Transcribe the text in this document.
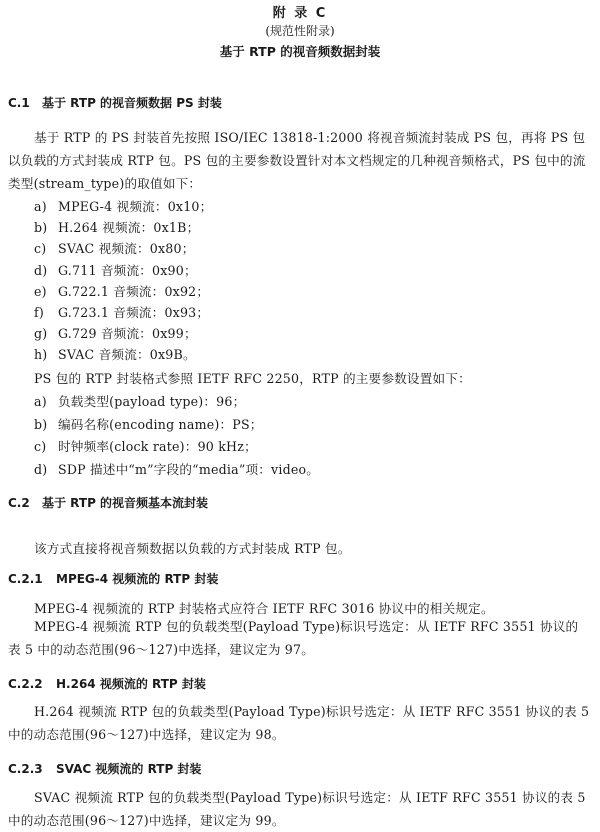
附 录 C
(规范性附录)
基于 RTP 的视音频数据封装
C.1 基于 RTP 的视音频数据 PS 封装
基于 RTP 的 PS 封装首先按照 ISO/IEC 13818-1:2000 将视音频流封装成 PS 包，再将 PS 包以负载的方式封装成 RTP 包。PS 包的主要参数设置针对本文档规定的几种视音频格式，PS 包中的流类型(stream_type)的取值如下：
a) MPEG-4 视频流：0x10；
b) H.264 视频流：0x1B；
c) SVAC 视频流：0x80；
d) G.711 音频流：0x90；
e) G.722.1 音频流：0x92；
f) G.723.1 音频流：0x93；
g) G.729 音频流：0x99；
h) SVAC 音频流：0x9B。
PS 包的 RTP 封装格式参照 IETF RFC 2250，RTP 的主要参数设置如下：
a) 负载类型(payload type)：96；
b) 编码名称(encoding name)：PS；
c) 时钟频率(clock rate)：90 kHz；
d) SDP 描述中“m”字段的“media”项：video。
C.2 基于 RTP 的视音频基本流封装
该方式直接将视音频数据以负载的方式封装成 RTP 包。
C.2.1 MPEG-4 视频流的 RTP 封装
MPEG-4 视频流的 RTP 封装格式应符合 IETF RFC 3016 协议中的相关规定。
MPEG-4 视频流 RTP 包的负载类型(Payload Type)标识号选定：从 IETF RFC 3551 协议的表 5 中的动态范围(96～127)中选择，建议定为 97。
C.2.2 H.264 视频流的 RTP 封装
H.264 视频流 RTP 包的负载类型(Payload Type)标识号选定：从 IETF RFC 3551 协议的表 5 中的动态范围(96～127)中选择，建议定为 98。
C.2.3 SVAC 视频流的 RTP 封装
SVAC 视频流 RTP 包的负载类型(Payload Type)标识号选定：从 IETF RFC 3551 协议的表 5 中的动态范围(96～127)中选择，建议定为 99。
